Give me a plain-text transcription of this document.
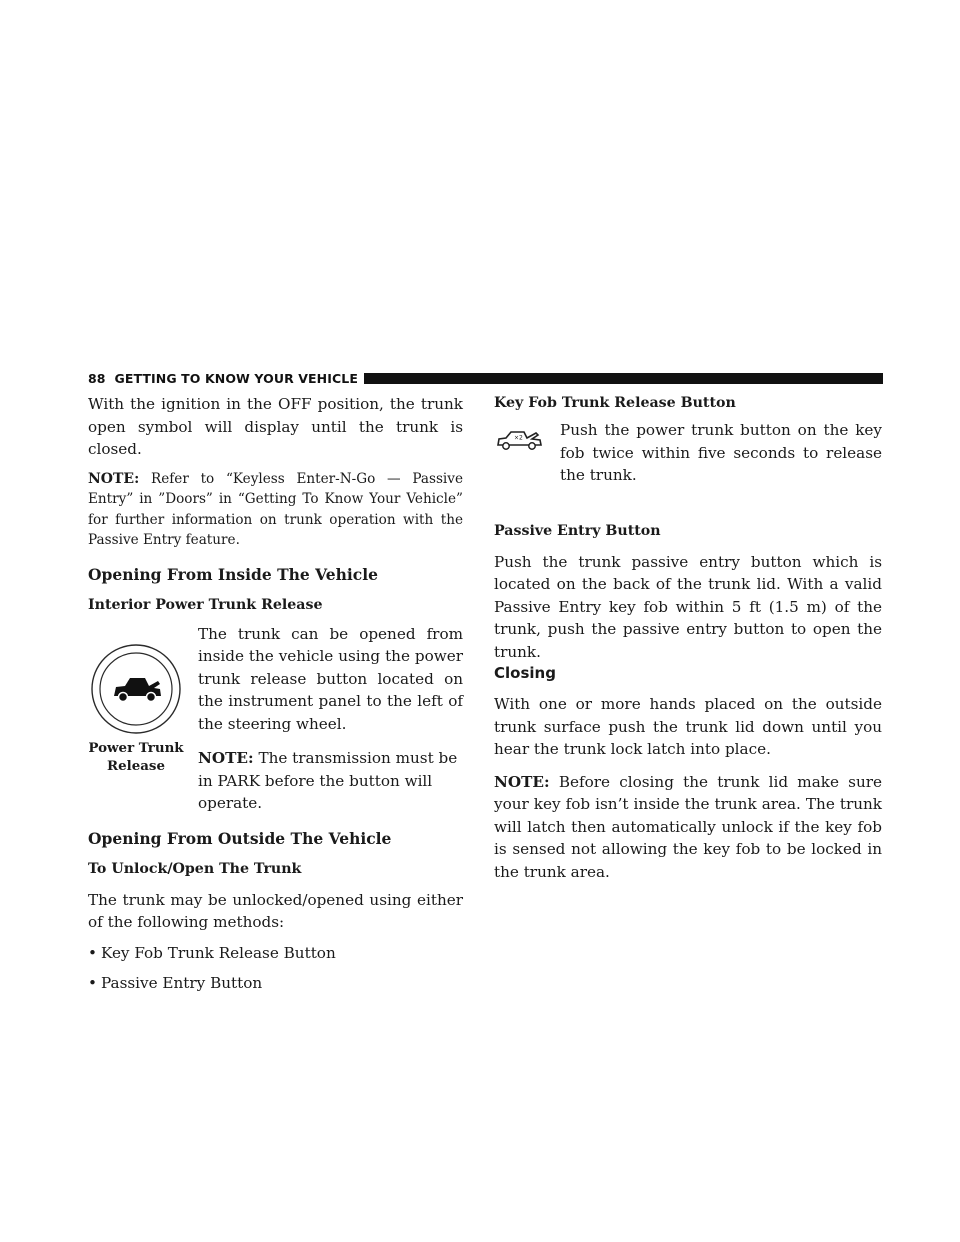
88 GETTING TO KNOW YOUR VEHICLE

With the ignition in the OFF position, the trunk open symbol will display until the trunk is closed.

NOTE: Refer to “Keyless Enter-N-Go — Passive Entry” in ”Doors” in “Getting To Know Your Vehicle” for further information on trunk operation with the Passive Entry feature.

Opening From Inside The Vehicle
Interior Power Trunk Release
Power Trunk Release

The trunk can be opened from inside the vehicle using the power trunk release button located on the instrument panel to the left of the steering wheel.

NOTE: The transmission must be in PARK before the button will operate.

Opening From Outside The Vehicle
To Unlock/Open The Trunk

The trunk may be unlocked/opened using either of the following methods:

• Key Fob Trunk Release Button
• Passive Entry Button
Key Fob Trunk Release Button
×2 Push the power trunk button on the key fob twice within five seconds to release the trunk.

Passive Entry Button

Push the trunk passive entry button which is located on the back of the trunk lid. With a valid Passive Entry key fob within 5 ft (1.5 m) of the trunk, push the passive entry button to open the trunk.

Closing

With one or more hands placed on the outside trunk surface push the trunk lid down until you hear the trunk lock latch into place.

NOTE: Before closing the trunk lid make sure your key fob isn’t inside the trunk area. The trunk will latch then automatically unlock if the key fob is sensed not allowing the key fob to be locked in the trunk area.
